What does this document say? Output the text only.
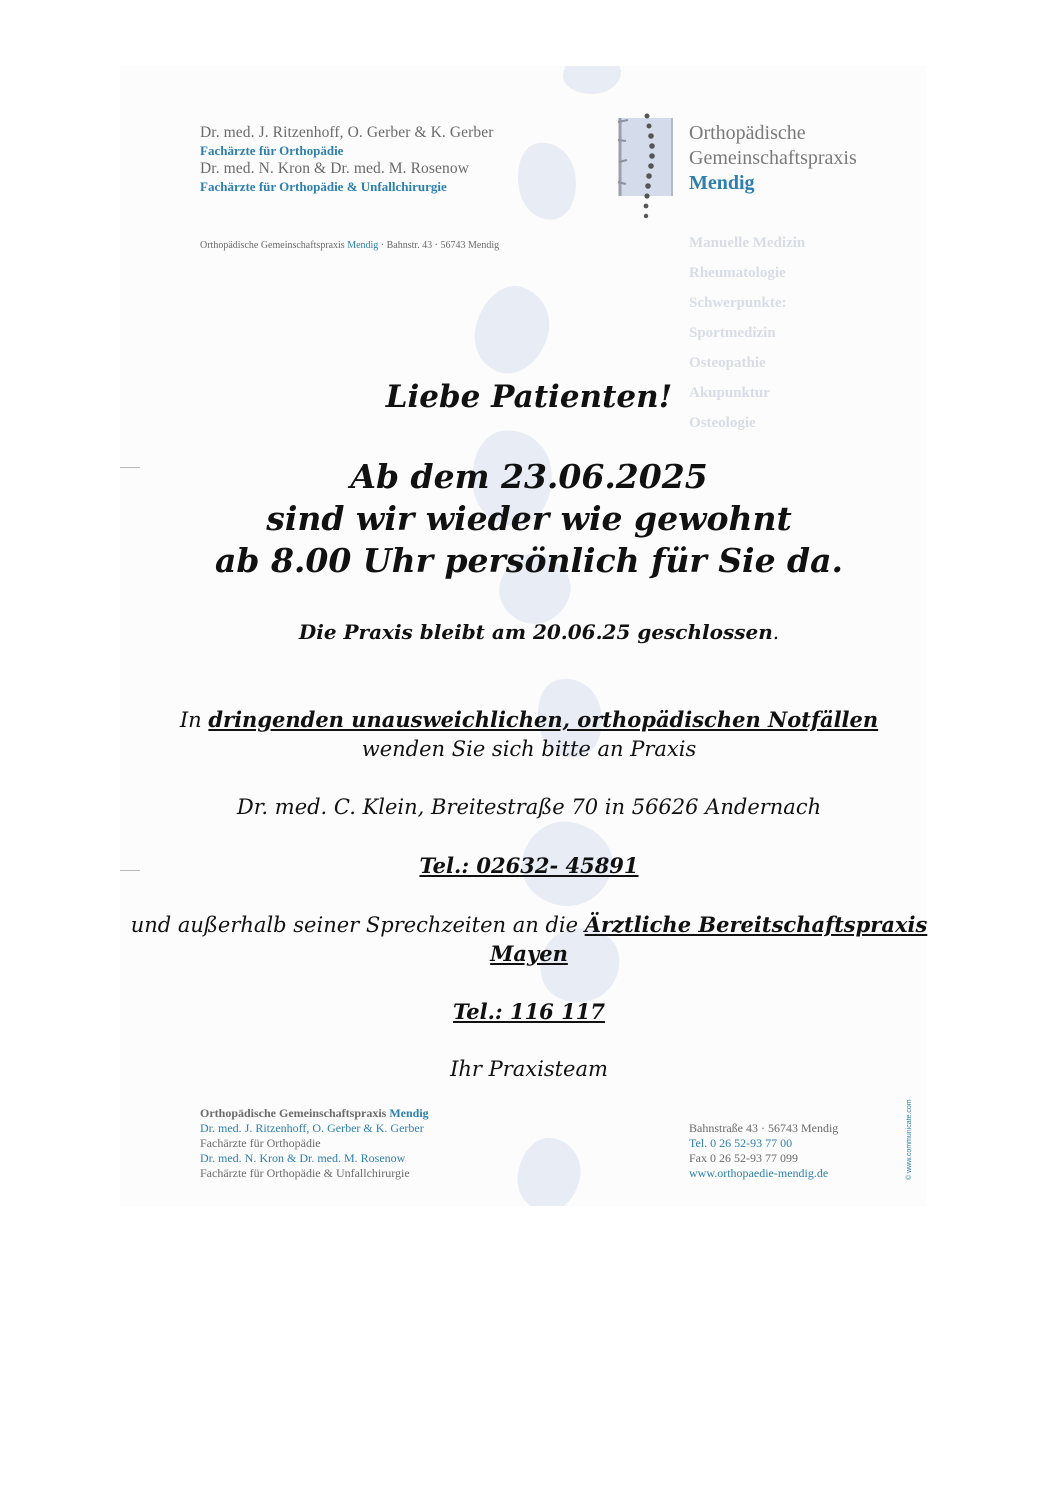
Dr. med. J. Ritzenhoff, O. Gerber & K. Gerber
Fachärzte für Orthopädie
Dr. med. N. Kron & Dr. med. M. Rosenow
Fachärzte für Orthopädie & Unfallchirurgie
Orthopädische Gemeinschaftspraxis Mendig · Bahnstr. 43 · 56743 Mendig
Orthopädische
Gemeinschaftspraxis
Mendig
Manuelle Medizin
Rheumatologie
Schwerpunkte:
Sportmedizin
Osteopathie
Akupunktur
Osteologie
Liebe Patienten!
Ab dem 23.06.2025
sind wir wieder wie gewohnt
ab 8.00 Uhr persönlich für Sie da.
Die Praxis bleibt am 20.06.25 geschlossen.
In dringenden unausweichlichen, orthopädischen Notfällen
wenden Sie sich bitte an Praxis
Dr. med. C. Klein, Breitestraße 70 in 56626 Andernach
Tel.: 02632- 45891
und außerhalb seiner Sprechzeiten an die Ärztliche Bereitschaftspraxis
Mayen
Tel.: 116 117
Ihr Praxisteam
Orthopädische Gemeinschaftspraxis Mendig
Dr. med. J. Ritzenhoff, O. Gerber & K. Gerber
Fachärzte für Orthopädie
Dr. med. N. Kron & Dr. med. M. Rosenow
Fachärzte für Orthopädie & Unfallchirurgie
Bahnstraße 43 · 56743 Mendig
Tel. 0 26 52-93 77 00
Fax 0 26 52-93 77 099
www.orthopaedie-mendig.de	© www.communicate.com
